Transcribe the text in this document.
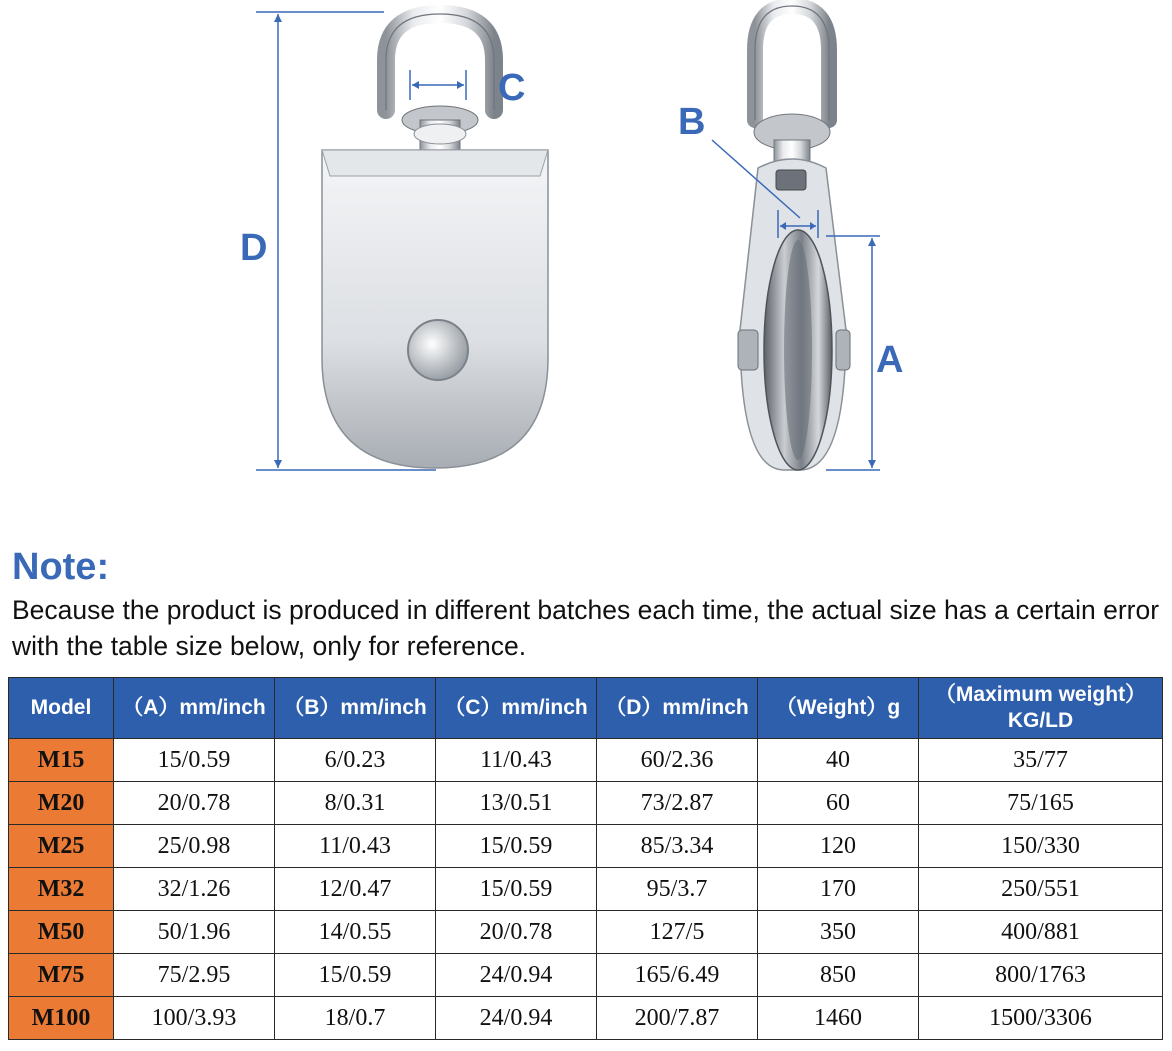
C
D
B
A
Note:
Because the product is produced in different batches each time, the actual size has a certain error with the table size below, only for reference.
Model	（A）mm/inch	（B）mm/inch	（C）mm/inch	（D）mm/inch	（Weight）g	（Maximum weight）KG/LD
M15	15/0.59	6/0.23	11/0.43	60/2.36	40	35/77
M20	20/0.78	8/0.31	13/0.51	73/2.87	60	75/165
M25	25/0.98	11/0.43	15/0.59	85/3.34	120	150/330
M32	32/1.26	12/0.47	15/0.59	95/3.7	170	250/551
M50	50/1.96	14/0.55	20/0.78	127/5	350	400/881
M75	75/2.95	15/0.59	24/0.94	165/6.49	850	800/1763
M100	100/3.93	18/0.7	24/0.94	200/7.87	1460	1500/3306
